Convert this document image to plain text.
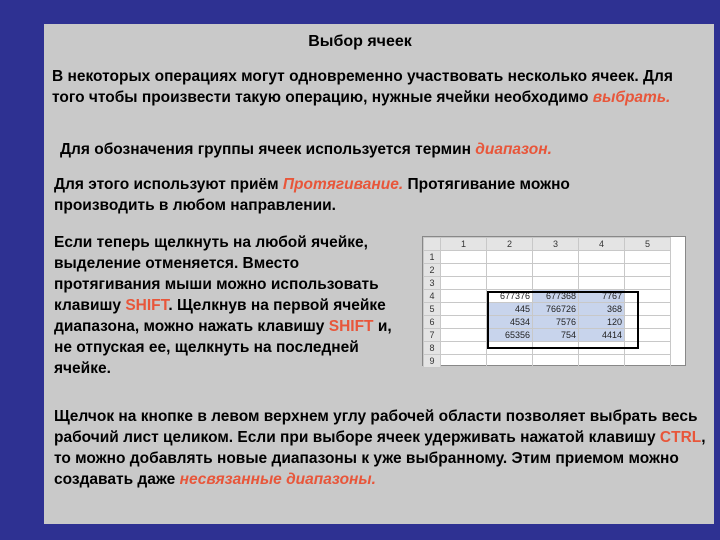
Выбор ячеек

В некоторых операциях могут одновременно участвовать несколько ячеек. Для того чтобы произвести такую операцию, нужные ячейки необходимо выбрать.

Для обозначения группы ячеек используется термин диапазон.

Для этого используют приём Протягивание. Протягивание можно производить в любом направлении.

Если теперь щелкнуть на любой ячейке, выделение отменяется. Вместо протягивания мыши можно использовать клавишу SHIFT. Щелкнув на первой ячейке диапазона, можно нажать клавишу SHIFT и, не отпуская ее, щелкнуть на последней ячейке.

Щелчок на кнопке в левом верхнем углу рабочей области позволяет выбрать весь рабочий лист целиком. Если при выборе ячеек удерживать нажатой клавишу CTRL, то можно добавлять новые диапазоны к уже выбранному. Этим приемом можно создавать даже несвязанные диапазоны.

	1	2	3	4	5
1					
2					
3					
4		677376	677368	7767	
5		445	766726	368	
6		4534	7576	120	
7		65356	754	4414	
8					
9					
